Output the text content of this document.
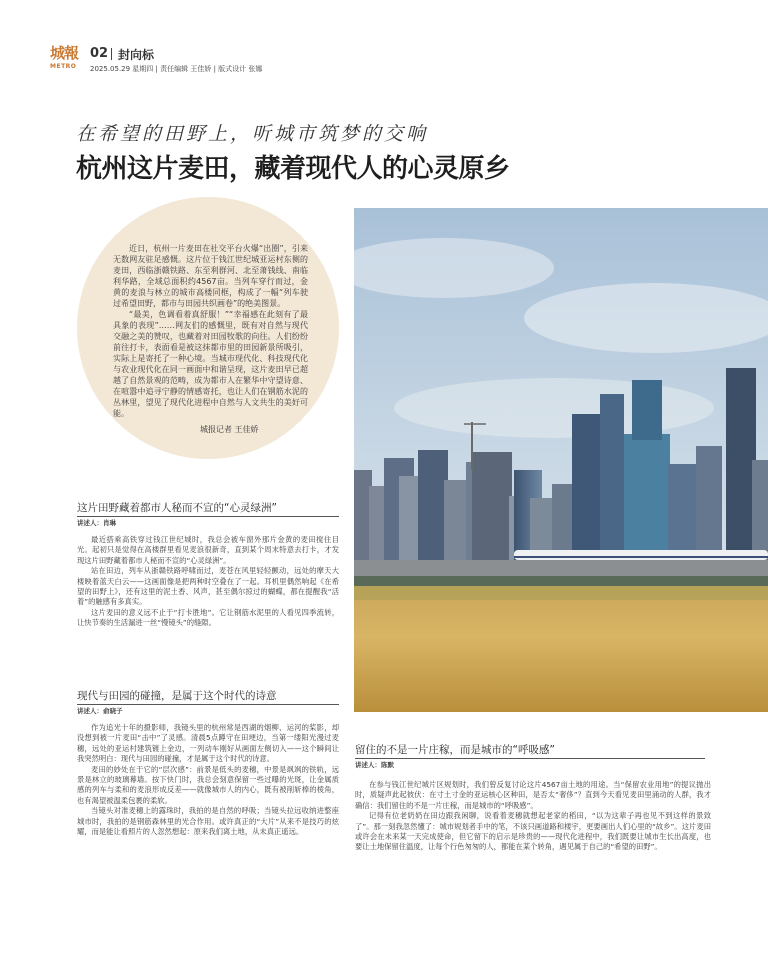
城報
METRO
02 封向标
2025.05.29 星期四 | 责任编辑 王佳娇 | 版式设计 张娜
在希望的田野上，听城市筑梦的交响
杭州这片麦田，藏着现代人的心灵原乡

近日，杭州一片麦田在社交平台火爆“出圈”，引来无数网友驻足感慨。这片位于钱江世纪城亚运村东侧的麦田，西临浙赣铁路、东至利群河、北至萧钱线、南临利华路，全域总面积约4567亩。当列车穿行而过，金黄的麦浪与林立的城市高楼同框，构成了一幅“列车驶过希望田野，都市与田园共织画卷”的绝美图景。

“最美，色调看着真舒服！”“幸福感在此刻有了最具象的表现”……网友们的感慨里，既有对自然与现代交融之美的赞叹，也藏着对田园牧歌的向往。人们纷纷前往打卡，表面看是被这抹都市里的田园新景所吸引，实际上是寄托了一种心境。当城市现代化、科技现代化与农业现代化在同一画面中和谐呈现，这片麦田早已超越了自然景观的范畴，成为都市人在繁华中守望诗意、在喧嚣中追寻宁静的情感寄托，也让人们在钢筋水泥的丛林里，望见了现代化进程中自然与人文共生的美好可能。

城报记者 王佳娇
这片田野藏着都市人秘而不宣的“心灵绿洲”
讲述人：肖琳

最近搭乘高铁穿过钱江世纪城时，我总会被车窗外那片金黄的麦田搅住目光。起初只是觉得在高楼群里看见麦浪很新奇，直到某个周末特意去打卡，才发现这片田野藏着都市人秘而不宣的“心灵绿洲”。

站在田边，列车从浙赣铁路呼啸而过，麦苍在风里轻轻颤动，远处的摩天大楼映着蓝天白云——这画面像是把两种时空叠在了一起。耳机里偶然响起《在希望的田野上》，还有这里的泥土香、风声，甚至偶尔掠过的蝴蝶，都在提醒我“活着”的触感有多真实。

这片麦田的意义远不止于“打卡胜地”。它让钢筋水泥里的人看见四季流转，让快节奏的生活漏进一丝“慢镜头”的缝隙。

现代与田园的碰撞，是属于这个时代的诗意
讲述人：俞晓子

作为追光十年的摄影师，我镜头里的杭州常是西湖的烟柳、运河的桨影，却没想到被一片麦田“击中”了灵感。清晨5点蹲守在田埂边，当第一缕阳光漫过麦穗，远处的亚运村建筑镀上金边，一列动车刚好从画面左侧切入——这个瞬间让我突然明白：现代与田园的碰撞，才是属于这个时代的诗意。

麦田的妙处在于它的“层次感”：前景是低头的麦穗，中景是飒飒的铁轨，远景是林立的玻璃幕墙。按下快门时，我总会刻意保留一些过曝的光斑，让金属质感的列车与柔和的麦浪形成反差——就像城市人的内心，既有被削斩棒的棱角，也有渴望被温柔包裹的柔软。

当镜头对准麦穗上的露珠时，我拍的是自然的呼吸；当镜头拉远收纳进整座城市时，我拍的是钢筋森林里的光合作用。或许真正的“大片”从来不是技巧的炫耀，而是能让看照片的人忽然想起：原来我们离土地，从未真正遥远。

留住的不是一片庄稼，而是城市的“呼吸感”
讲述人：陈默

在参与钱江世纪城片区规划时，我们曾反复讨论这片4567亩土地的用途。当“保留农业用地”的提议抛出时，质疑声此起彼伏：在寸土寸金的亚运核心区种田，是否太“奢侈”？直到今天看见麦田里涌动的人群，我才确信：我们留住的不是一片庄稼，而是城市的“呼吸感”。

记得有位老奶奶在田边跟我闲聊，说看着麦穗就想起老家的稻田，“以为这辈子再也见不到这样的景致了”。那一刻我忽然懂了：城市规划者手中的笔，不该只画道路和楼宇，更要画出人们心里的“故乡”。这片麦田或许会在未来某一天完成使命，但它留下的启示是珍贵的——现代化进程中，我们既要让城市生长出高度，也要让土地保留住温度，让每个行色匆匆的人，都能在某个转角，遇见属于自己的“希望的田野”。
